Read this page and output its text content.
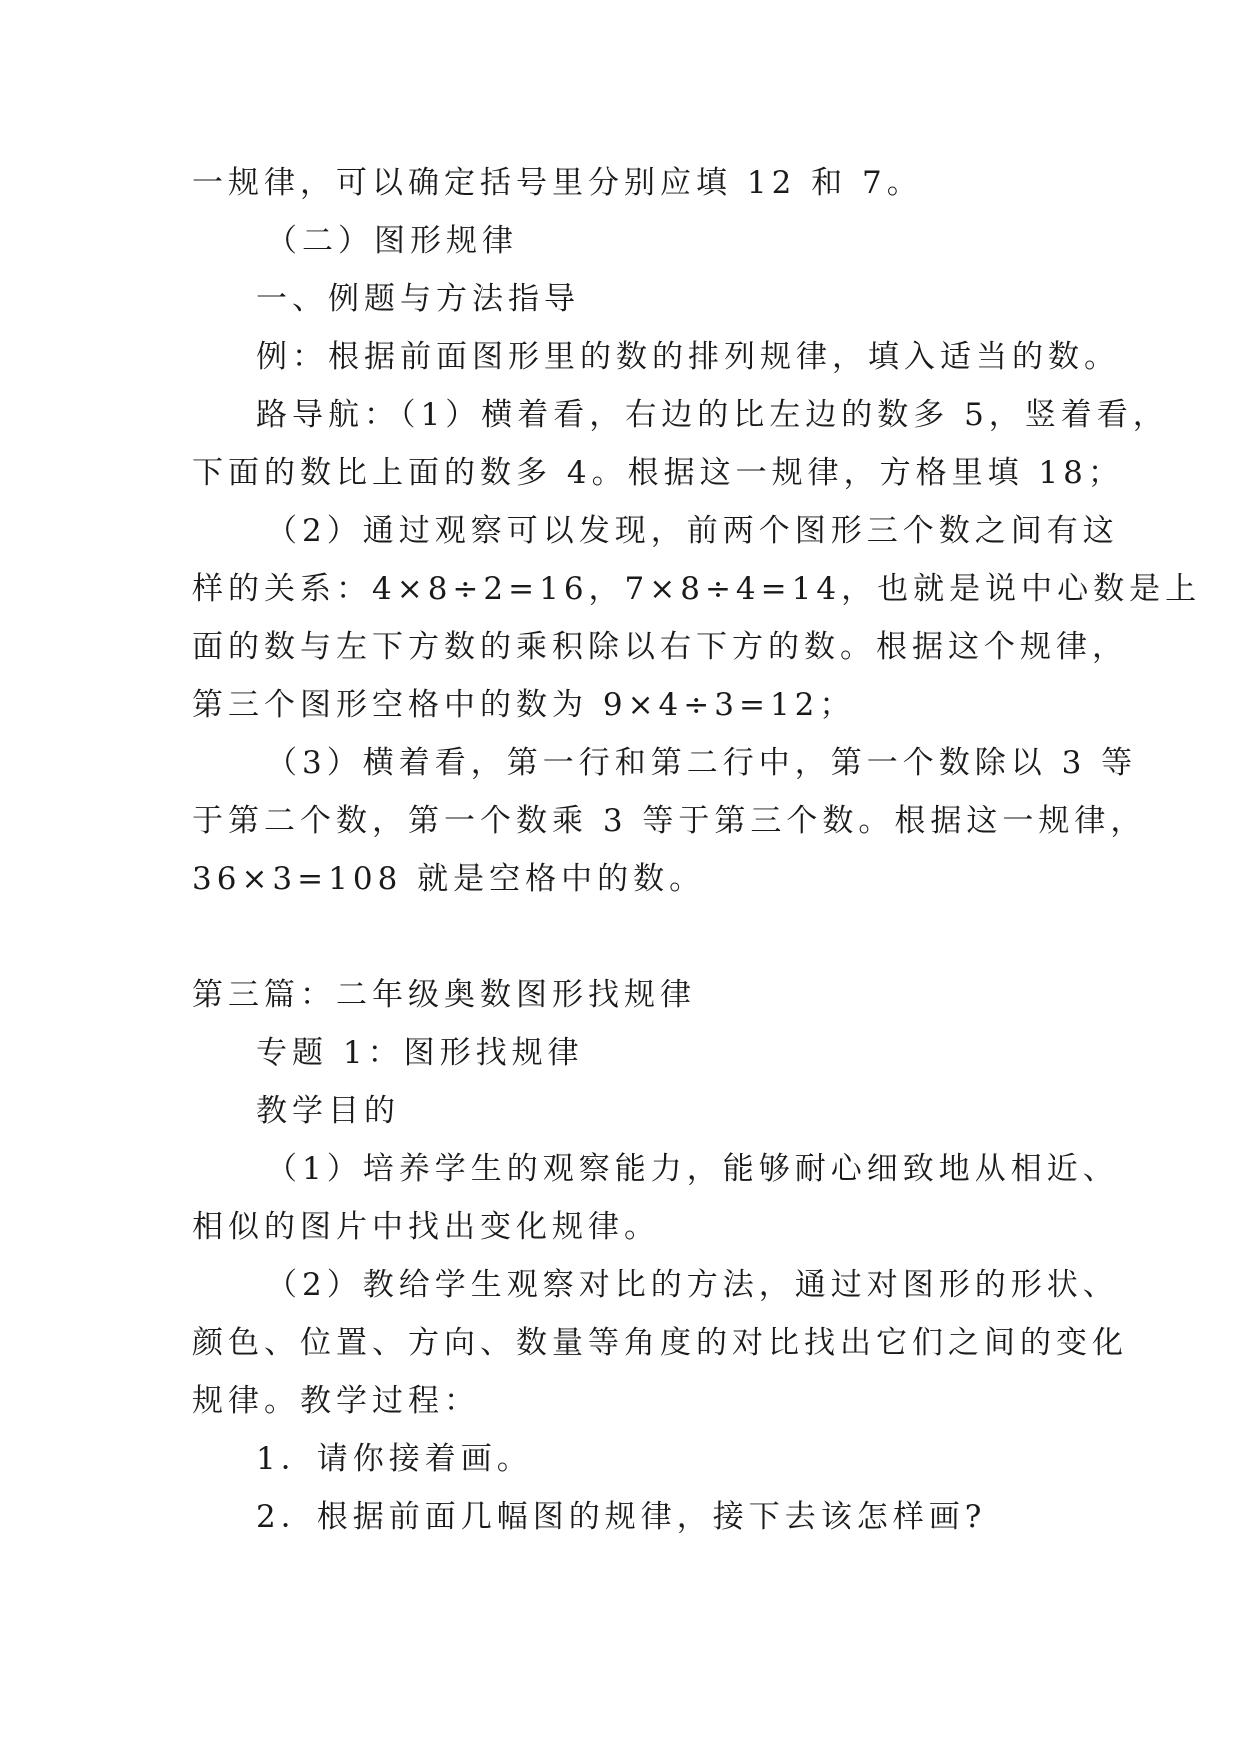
一规律，可以确定括号里分别应填 12 和 7。
（二）图形规律
一、例题与方法指导
例：根据前面图形里的数的排列规律，填入适当的数。
路导航：（1）横着看，右边的比左边的数多 5，竖着看，
下面的数比上面的数多 4。根据这一规律，方格里填 18；
（2）通过观察可以发现，前两个图形三个数之间有这
样的关系：4×8÷2=16，7×8÷4=14，也就是说中心数是上
面的数与左下方数的乘积除以右下方的数。根据这个规律，
第三个图形空格中的数为 9×4÷3=12；
（3）横着看，第一行和第二行中，第一个数除以 3 等
于第二个数，第一个数乘 3 等于第三个数。根据这一规律，
36×3=108 就是空格中的数。
第三篇：二年级奥数图形找规律
专题 1：图形找规律
教学目的
（1）培养学生的观察能力，能够耐心细致地从相近、
相似的图片中找出变化规律。
（2）教给学生观察对比的方法，通过对图形的形状、
颜色、位置、方向、数量等角度的对比找出它们之间的变化
规律。教学过程：
1．请你接着画。
2．根据前面几幅图的规律，接下去该怎样画?
